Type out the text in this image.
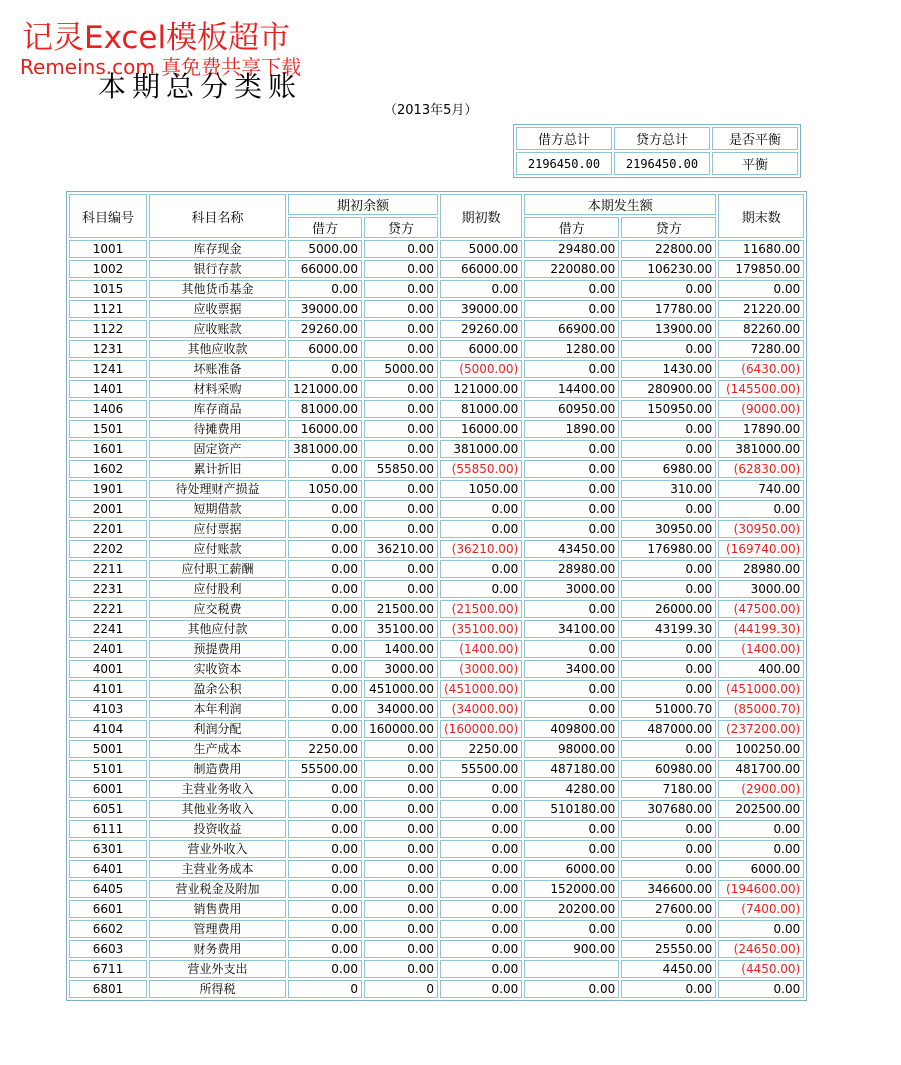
记灵Excel模板超市
Remeins.com 真免费共享下载
本期总分类账
（2013年5月）
借方总计	贷方总计	是否平衡
2196450.00	2196450.00	平衡
科目编号	科目名称	期初余额		期初数	本期发生额		期末数
		借方	贷方		借方	贷方	
1001	库存现金	5000.00	0.00	5000.00	29480.00	22800.00	11680.00
1002	银行存款	66000.00	0.00	66000.00	220080.00	106230.00	179850.00
1015	其他货币基金	0.00	0.00	0.00	0.00	0.00	0.00
1121	应收票据	39000.00	0.00	39000.00	0.00	17780.00	21220.00
1122	应收账款	29260.00	0.00	29260.00	66900.00	13900.00	82260.00
1231	其他应收款	6000.00	0.00	6000.00	1280.00	0.00	7280.00
1241	坏账准备	0.00	5000.00	(5000.00)	0.00	1430.00	(6430.00)
1401	材料采购	121000.00	0.00	121000.00	14400.00	280900.00	(145500.00)
1406	库存商品	81000.00	0.00	81000.00	60950.00	150950.00	(9000.00)
1501	待摊费用	16000.00	0.00	16000.00	1890.00	0.00	17890.00
1601	固定资产	381000.00	0.00	381000.00	0.00	0.00	381000.00
1602	累计折旧	0.00	55850.00	(55850.00)	0.00	6980.00	(62830.00)
1901	待处理财产损益	1050.00	0.00	1050.00	0.00	310.00	740.00
2001	短期借款	0.00	0.00	0.00	0.00	0.00	0.00
2201	应付票据	0.00	0.00	0.00	0.00	30950.00	(30950.00)
2202	应付账款	0.00	36210.00	(36210.00)	43450.00	176980.00	(169740.00)
2211	应付职工薪酬	0.00	0.00	0.00	28980.00	0.00	28980.00
2231	应付股利	0.00	0.00	0.00	3000.00	0.00	3000.00
2221	应交税费	0.00	21500.00	(21500.00)	0.00	26000.00	(47500.00)
2241	其他应付款	0.00	35100.00	(35100.00)	34100.00	43199.30	(44199.30)
2401	预提费用	0.00	1400.00	(1400.00)	0.00	0.00	(1400.00)
4001	实收资本	0.00	3000.00	(3000.00)	3400.00	0.00	400.00
4101	盈余公积	0.00	451000.00	(451000.00)	0.00	0.00	(451000.00)
4103	本年利润	0.00	34000.00	(34000.00)	0.00	51000.70	(85000.70)
4104	利润分配	0.00	160000.00	(160000.00)	409800.00	487000.00	(237200.00)
5001	生产成本	2250.00	0.00	2250.00	98000.00	0.00	100250.00
5101	制造费用	55500.00	0.00	55500.00	487180.00	60980.00	481700.00
6001	主营业务收入	0.00	0.00	0.00	4280.00	7180.00	(2900.00)
6051	其他业务收入	0.00	0.00	0.00	510180.00	307680.00	202500.00
6111	投资收益	0.00	0.00	0.00	0.00	0.00	0.00
6301	营业外收入	0.00	0.00	0.00	0.00	0.00	0.00
6401	主营业务成本	0.00	0.00	0.00	6000.00	0.00	6000.00
6405	营业税金及附加	0.00	0.00	0.00	152000.00	346600.00	(194600.00)
6601	销售费用	0.00	0.00	0.00	20200.00	27600.00	(7400.00)
6602	管理费用	0.00	0.00	0.00	0.00	0.00	0.00
6603	财务费用	0.00	0.00	0.00	900.00	25550.00	(24650.00)
6711	营业外支出	0.00	0.00	0.00		4450.00	(4450.00)
6801	所得税	0	0	0.00	0.00	0.00	0.00
